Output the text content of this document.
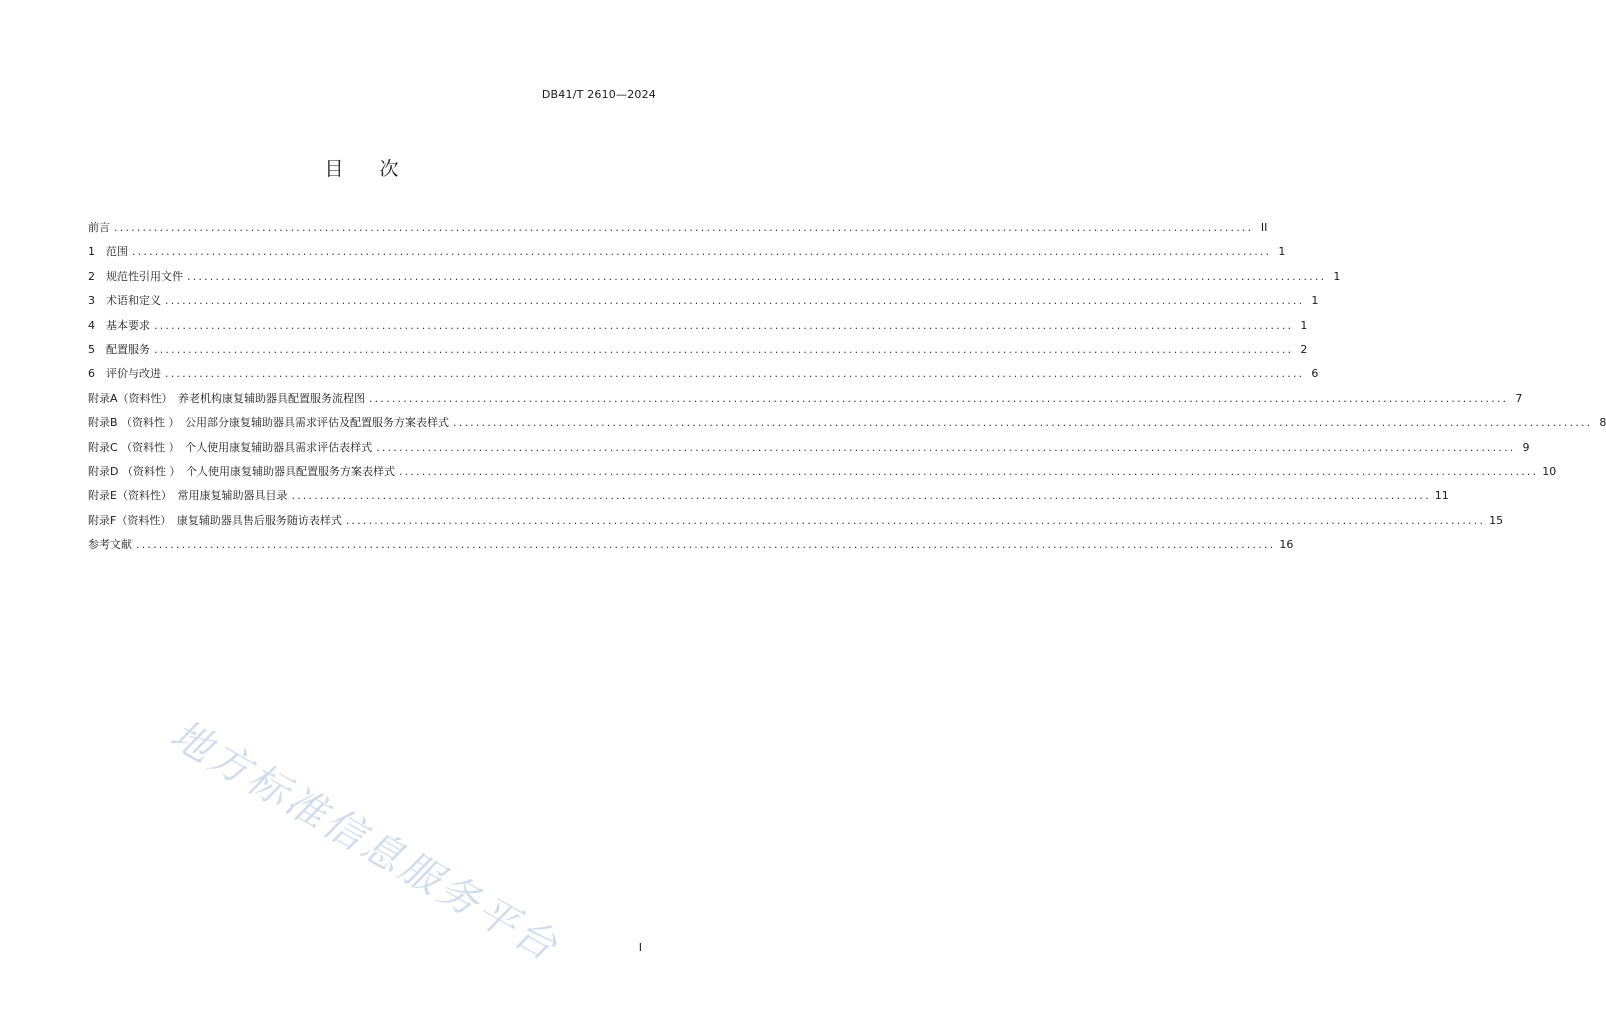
DB41/T 2610—2024
目 次
前言 ........................................................................................................................................................................................................ II
1　范围 ........................................................................................................................................................................................................ 1
2　规范性引用文件 ........................................................................................................................................................................................................ 1
3　术语和定义 ........................................................................................................................................................................................................ 1
4　基本要求 ........................................................................................................................................................................................................ 1
5　配置服务 ........................................................................................................................................................................................................ 2
6　评价与改进 ........................................................................................................................................................................................................ 6
附录A（资料性）　养老机构康复辅助器具配置服务流程图 ........................................................................................................................................................................................................ 7
附录B （资料性 ）　公用部分康复辅助器具需求评估及配置服务方案表样式 ........................................................................................................................................................................................................ 8
附录C （资料性 ）　个人使用康复辅助器具需求评估表样式 ........................................................................................................................................................................................................ 9
附录D （资料性 ）　个人使用康复辅助器具配置服务方案表样式 ........................................................................................................................................................................................................ 10
附录E（资料性）　常用康复辅助器具目录 ........................................................................................................................................................................................................ 11
附录F（资料性）　康复辅助器具售后服务随访表样式 ........................................................................................................................................................................................................ 15
参考文献 ........................................................................................................................................................................................................ 16
地方标准信息服务平台	I
